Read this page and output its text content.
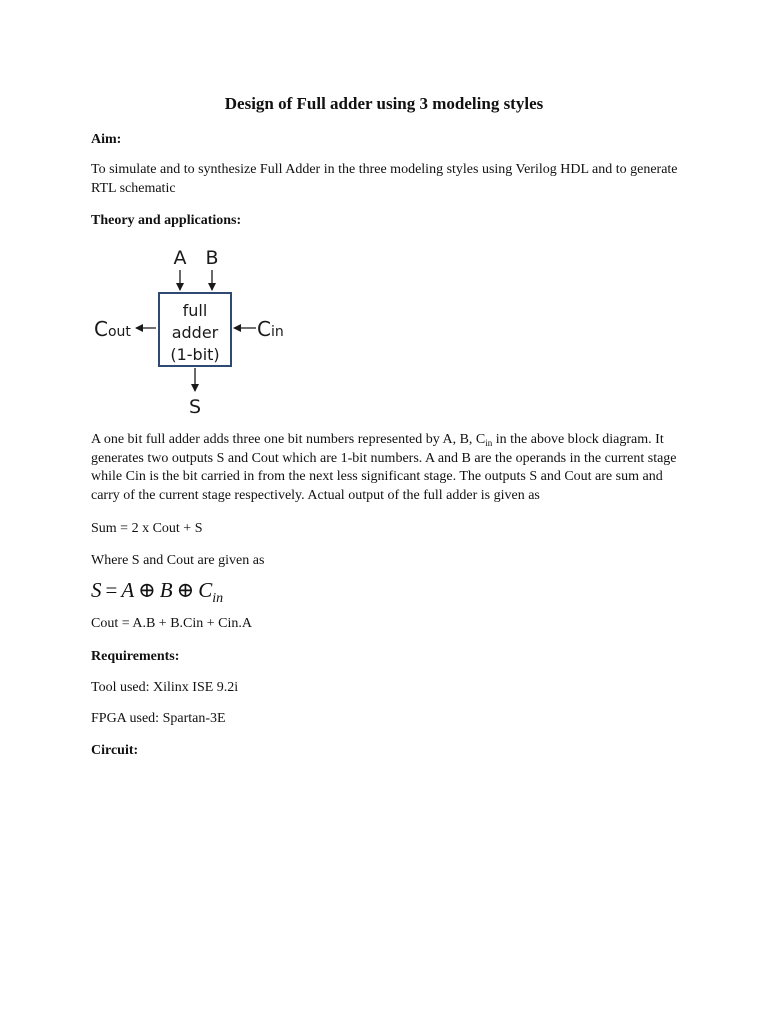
Design of Full adder using 3 modeling styles
Aim:
To simulate and to synthesize Full Adder in the three modeling styles using Verilog HDL and to generate
RTL schematic
Theory and applications:
A B
full
adder
(1-bit)
Cout	Cin
S
A one bit full adder adds three one bit numbers represented by A, B, $C_{in}$ in the above block diagram. It
generates two outputs S and Cout which are 1-bit numbers. A and B are the operands in the current stage
while Cin is the bit carried in from the next less significant stage. The outputs S and Cout are sum and
carry of the current stage respectively. Actual output of the full adder is given as
Sum = 2 x Cout + S
Where S and Cout are given as
S = A ⊕ B ⊕ $C_{in}$
Cout = A.B + B.Cin + Cin.A
Requirements:
Tool used: Xilinx ISE 9.2i
FPGA used: Spartan-3E
Circuit:
